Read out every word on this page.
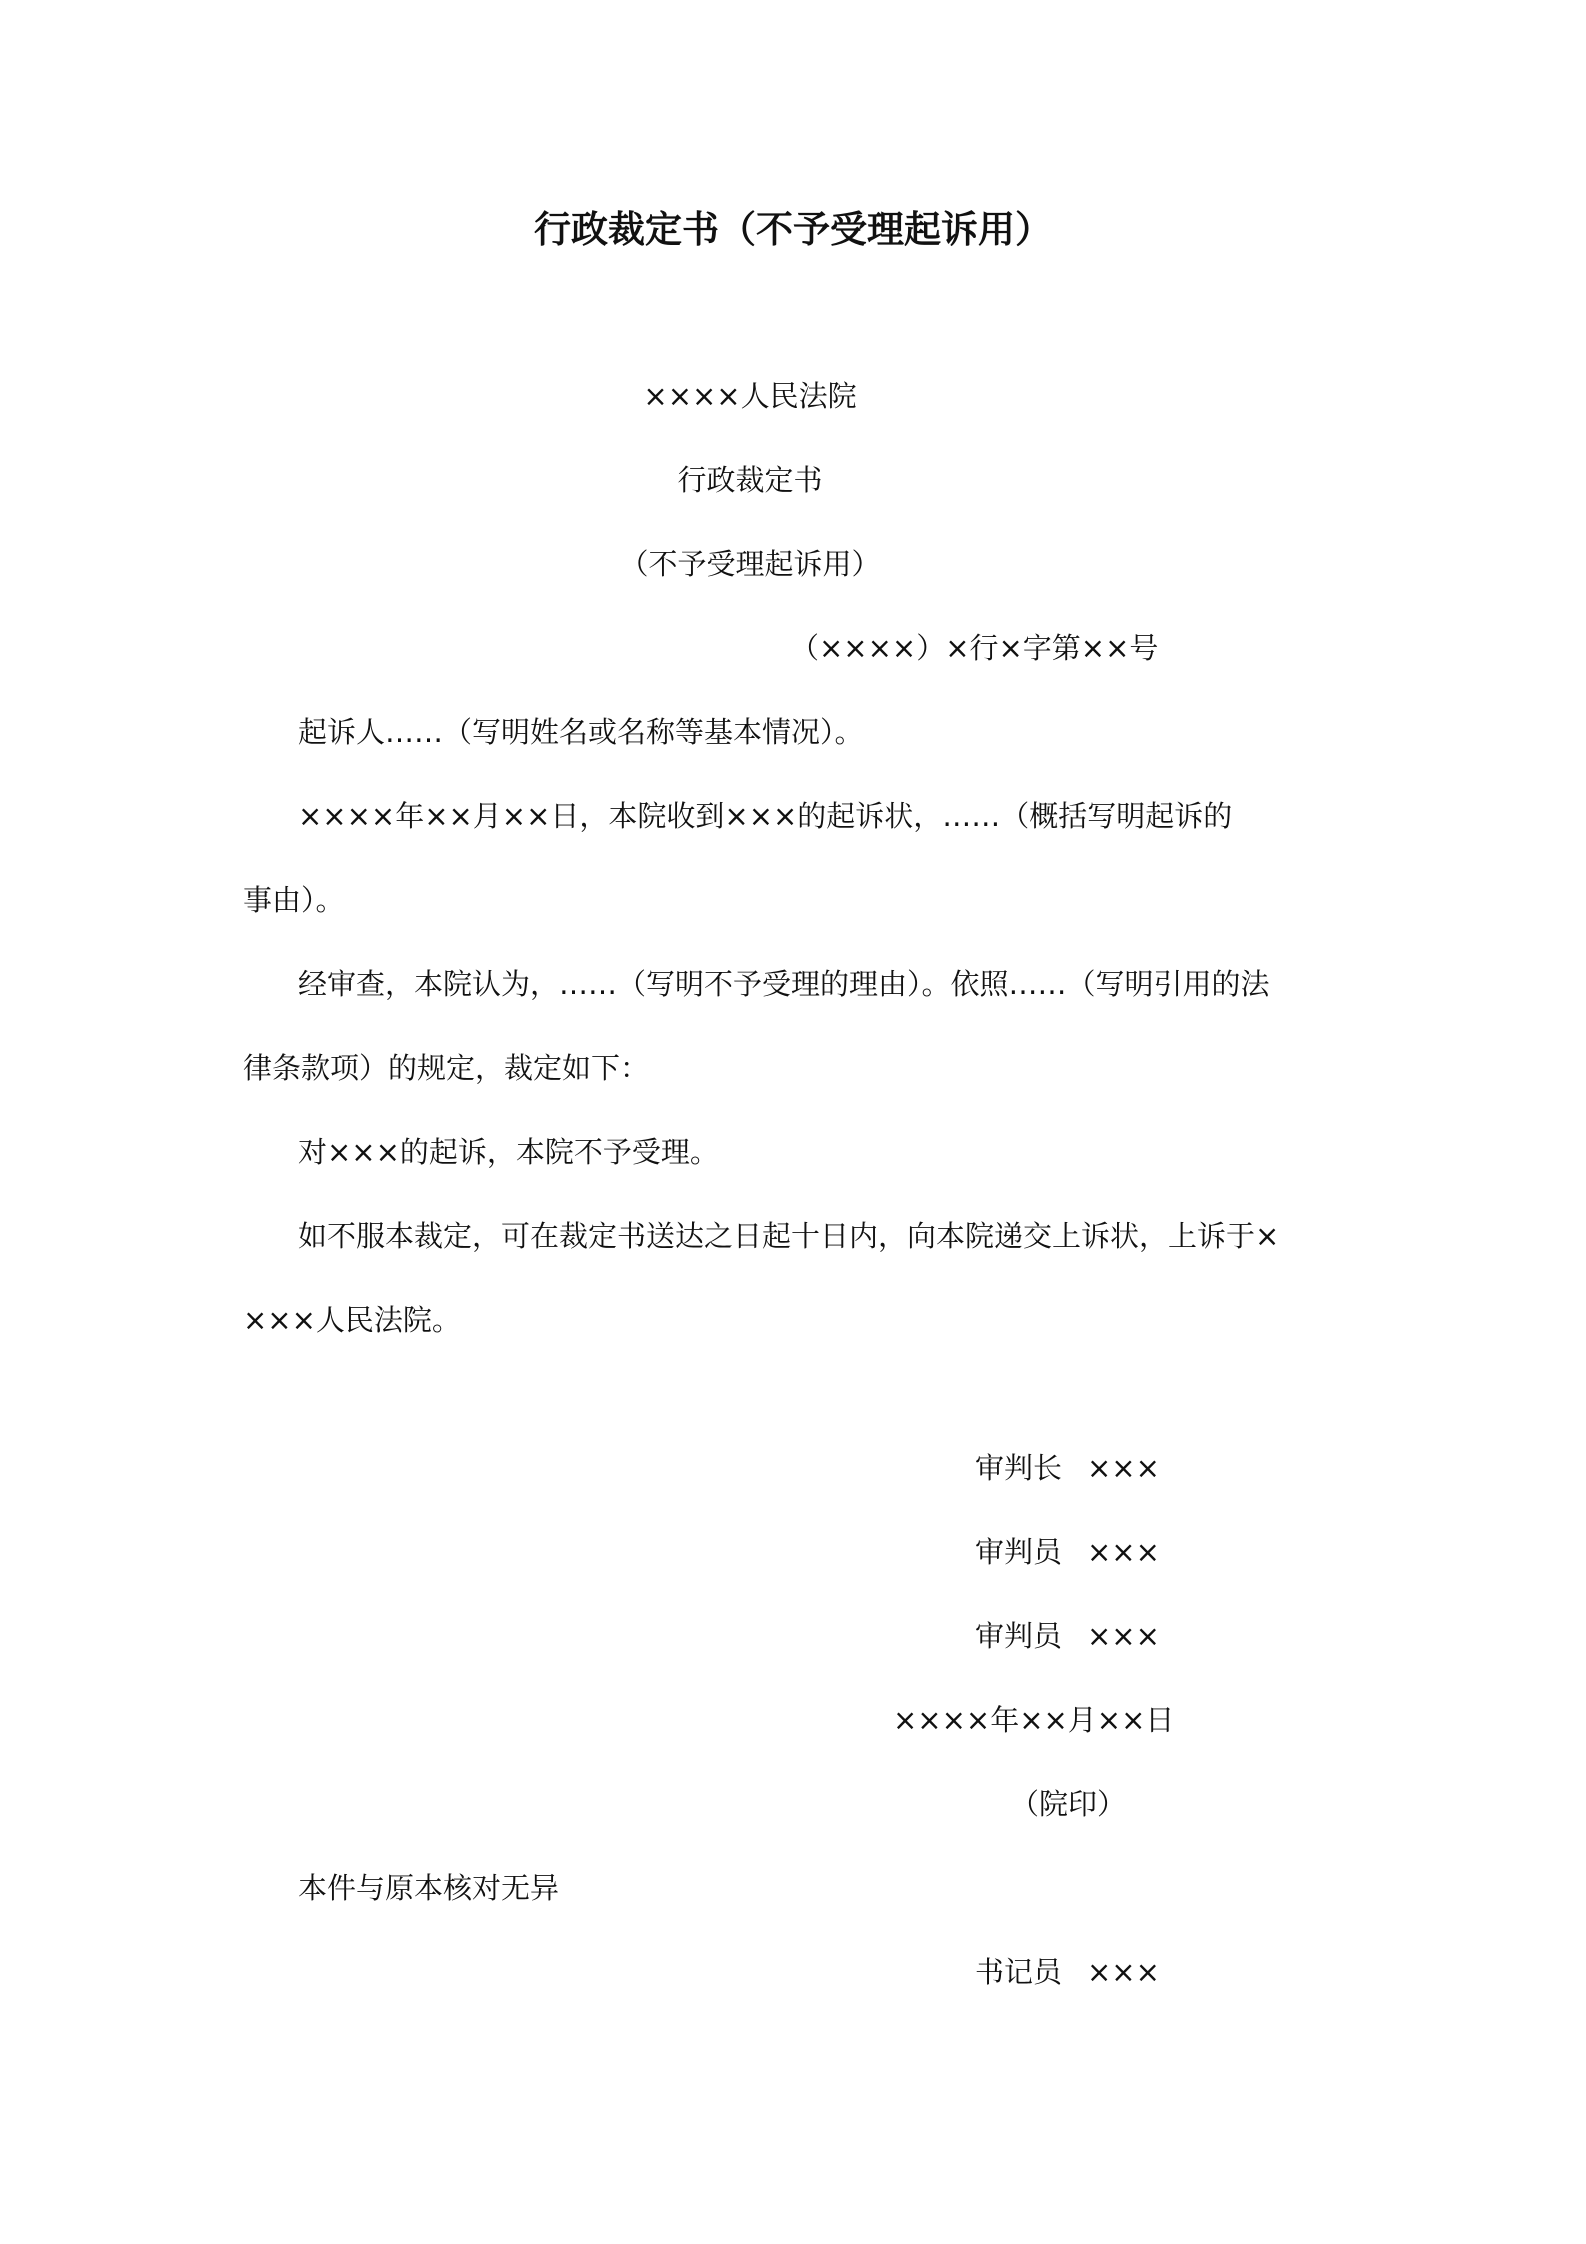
行政裁定书（不予受理起诉用）
××××人民法院
行政裁定书
（不予受理起诉用）
（××××）×行×字第××号
起诉人……（写明姓名或名称等基本情况）。
××××年××月××日，本院收到×××的起诉状，……（概括写明起诉的
事由）。
经审查，本院认为，……（写明不予受理的理由）。依照……（写明引用的法
律条款项）的规定，裁定如下：
对×××的起诉，本院不予受理。
如不服本裁定，可在裁定书送达之日起十日内，向本院递交上诉状，上诉于×
×××人民法院。
审判长 ×××
审判员 ×××
审判员 ×××
××××年××月××日
（院印）
本件与原本核对无异
书记员 ×××
